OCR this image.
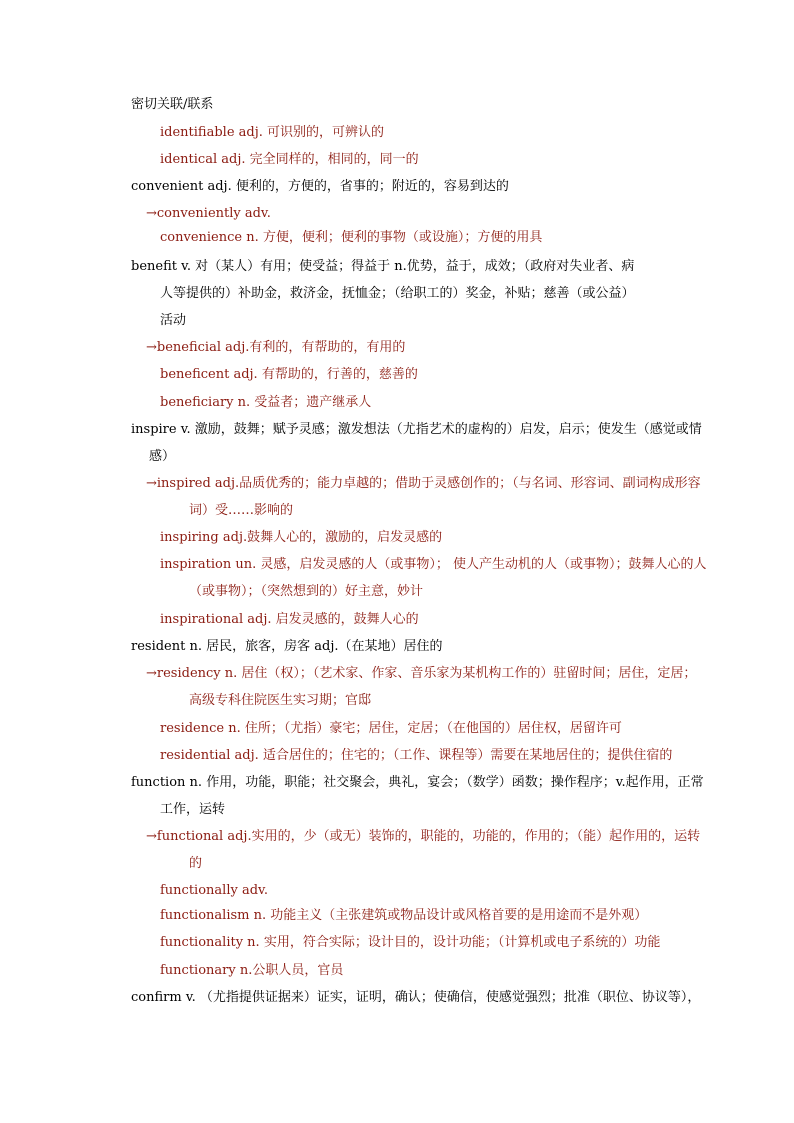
密切关联/联系
identifiable adj. 可识别的，可辨认的
identical adj. 完全同样的，相同的，同一的
convenient adj. 便利的，方便的，省事的；附近的，容易到达的
→conveniently adv.
convenience n. 方便，便利；便利的事物（或设施）；方便的用具
benefit v. 对（某人）有用；使受益；得益于 n.优势，益于，成效；（政府对失业者、病
人等提供的）补助金，救济金，抚恤金；（给职工的）奖金，补贴；慈善（或公益）
活动
→beneficial adj.有利的，有帮助的，有用的
beneficent adj. 有帮助的，行善的，慈善的
beneficiary n. 受益者；遗产继承人
inspire v. 激励，鼓舞；赋予灵感；激发想法（尤指艺术的虚构的）启发，启示；使发生（感觉或情
感）
→inspired adj.品质优秀的；能力卓越的；借助于灵感创作的；（与名词、形容词、副词构成形容
词）受……影响的
inspiring adj.鼓舞人心的，激励的，启发灵感的
inspiration un. 灵感，启发灵感的人（或事物）； 使人产生动机的人（或事物）；鼓舞人心的人
（或事物）；（突然想到的）好主意，妙计
inspirational adj. 启发灵感的，鼓舞人心的
resident n. 居民，旅客，房客 adj.（在某地）居住的
→residency n. 居住（权）；（艺术家、作家、音乐家为某机构工作的）驻留时间；居住，定居；
高级专科住院医生实习期；官邸
residence n. 住所；（尤指）豪宅；居住，定居；（在他国的）居住权，居留许可
residential adj. 适合居住的；住宅的；（工作、课程等）需要在某地居住的；提供住宿的
function n. 作用，功能，职能；社交聚会，典礼，宴会；（数学）函数；操作程序；v.起作用，正常
工作，运转
→functional adj.实用的，少（或无）装饰的，职能的，功能的，作用的；（能）起作用的，运转
的
functionally adv.
functionalism n. 功能主义（主张建筑或物品设计或风格首要的是用途而不是外观）
functionality n. 实用，符合实际；设计目的，设计功能；（计算机或电子系统的）功能
functionary n.公职人员，官员
confirm v. （尤指提供证据来）证实，证明，确认；使确信，使感觉强烈；批准（职位、协议等），
